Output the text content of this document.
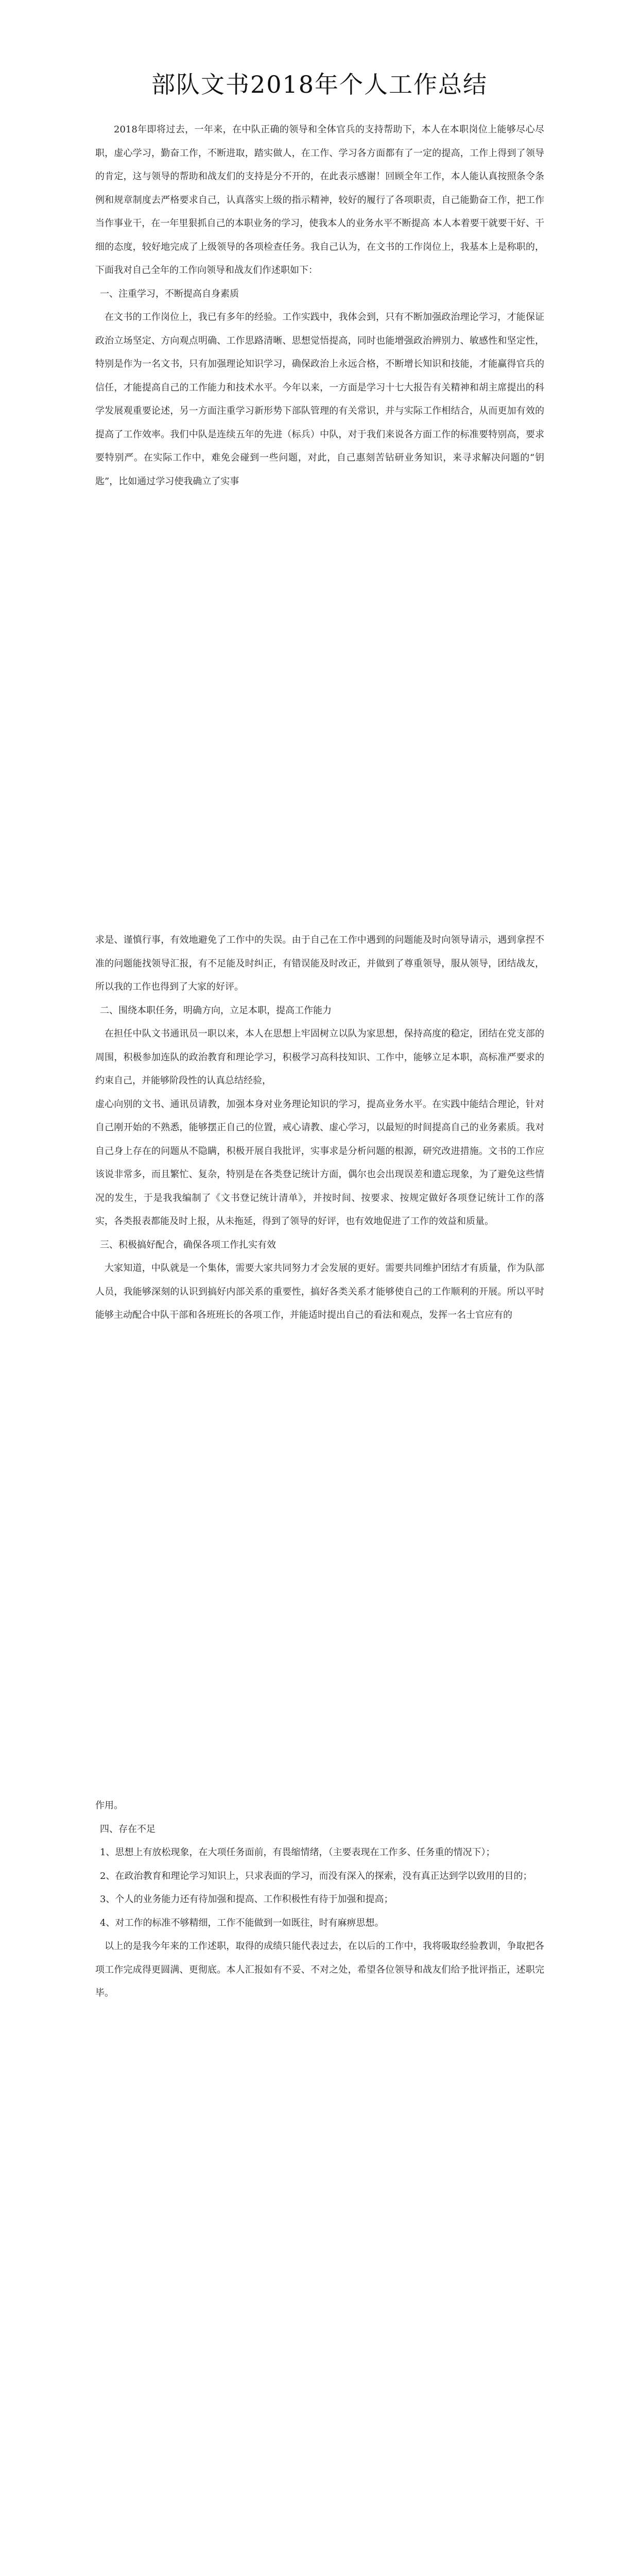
部队文书2018年个人工作总结

2018年即将过去，一年来，在中队正确的领导和全体官兵的支持帮助下，本人在本职岗位上能够尽心尽职，虚心学习，勤奋工作，不断进取，踏实做人，在工作、学习各方面都有了一定的提高，工作上得到了领导的肯定，这与领导的帮助和战友们的支持是分不开的，在此表示感谢！回顾全年工作，本人能认真按照条令条例和规章制度去严格要求自己，认真落实上级的指示精神，较好的履行了各项职责，自己能勤奋工作，把工作当作事业干，在一年里狠抓自己的本职业务的学习，使我本人的业务水平不断提高 本人本着要干就要干好、干细的态度，较好地完成了上级领导的各项检查任务。我自己认为，在文书的工作岗位上，我基本上是称职的，下面我对自己全年的工作向领导和战友们作述职如下：

一、注重学习，不断提高自身素质

在文书的工作岗位上，我已有多年的经验。工作实践中，我体会到，只有不断加强政治理论学习，才能保证政治立场坚定、方向观点明确、工作思路清晰、思想觉悟提高，同时也能增强政治辨别力、敏感性和坚定性，特别是作为一名文书，只有加强理论知识学习，确保政治上永远合格，不断增长知识和技能，才能赢得官兵的信任，才能提高自己的工作能力和技术水平。今年以来，一方面是学习十七大报告有关精神和胡主席提出的科学发展观重要论述，另一方面注重学习新形势下部队管理的有关常识，并与实际工作相结合，从而更加有效的提高了工作效率。我们中队是连续五年的先进（标兵）中队，对于我们来说各方面工作的标准要特别高，要求要特别严。在实际工作中，难免会碰到一些问题，对此，自己惠刻苦钻研业务知识，来寻求解决问题的“钥匙”，比如通过学习使我确立了实事

求是、谨慎行事，有效地避免了工作中的失误。由于自己在工作中遇到的问题能及时向领导请示，遇到拿捏不准的问题能找领导汇报，有不足能及时纠正，有错误能及时改正，并做到了尊重领导，服从领导，团结战友，所以我的工作也得到了大家的好评。

二、围绕本职任务，明确方向，立足本职，提高工作能力

在担任中队文书通讯员一职以来，本人在思想上牢固树立以队为家思想，保持高度的稳定，团结在党支部的周围，积极参加连队的政治教育和理论学习，积极学习高科技知识、工作中，能够立足本职，高标准严要求的约束自己，并能够阶段性的认真总结经验，

虚心向别的文书、通讯员请教，加强本身对业务理论知识的学习，提高业务水平。在实践中能结合理论，针对自己刚开始的不熟悉，能够摆正自己的位置，戒心请教、虚心学习，以最短的时间提高自己的业务素质。我对自己身上存在的问题从不隐瞒，积极开展自我批评，实事求是分析问题的根源，研究改进措施。文书的工作应该说非常多，而且繁忙、复杂，特别是在各类登记统计方面，偶尔也会出现误差和遗忘现象，为了避免这些情况的发生，于是我我编制了《文书登记统计清单》，并按时间、按要求、按规定做好各项登记统计工作的落实，各类报表都能及时上报，从未拖延，得到了领导的好评，也有效地促进了工作的效益和质量。

三、积极搞好配合，确保各项工作扎实有效

大家知道，中队就是一个集体，需要大家共同努力才会发展的更好。需要共同维护团结才有质量，作为队部人员，我能够深刻的认识到搞好内部关系的重要性，搞好各类关系才能够使自己的工作顺利的开展。所以平时能够主动配合中队干部和各班班长的各项工作，并能适时提出自己的看法和观点，发挥一名士官应有的

作用。

四、存在不足

1、思想上有放松现象，在大项任务面前，有畏缩情绪，（主要表现在工作多、任务重的情况下）；

2、在政治教育和理论学习知识上，只求表面的学习，而没有深入的探索，没有真正达到学以致用的目的；

3、个人的业务能力还有待加强和提高、工作积极性有待于加强和提高；

4、对工作的标准不够精细，工作不能做到一如既往，时有麻痹思想。

以上的是我今年来的工作述职，取得的成绩只能代表过去，在以后的工作中，我将吸取经验教训，争取把各项工作完成得更圆满、更彻底。本人汇报如有不妥、不对之处，希望各位领导和战友们给予批评指正，述职完毕。
